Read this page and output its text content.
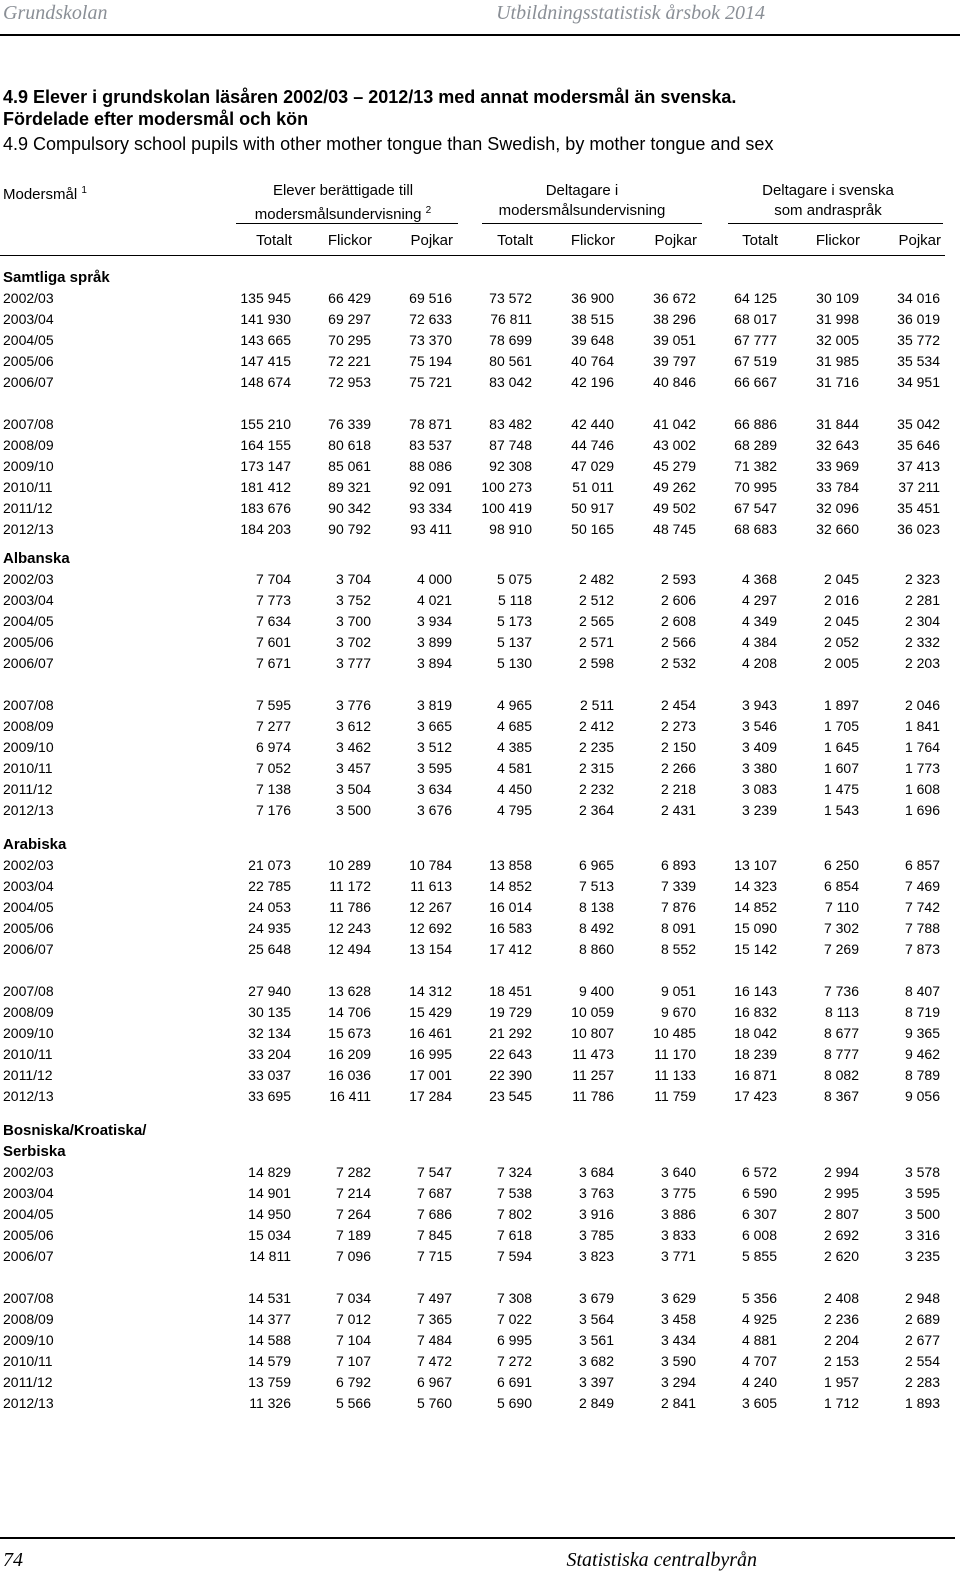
Grundskolan	Utbildningsstatistisk årsbok 2014
4.9 Elever i grundskolan läsåren 2002/03 – 2012/13 med annat modersmål än svenska.
Fördelade efter modersmål och kön
4.9 Compulsory school pupils with other mother tongue than Swedish, by mother tongue and sex
Modersmål $^1$	Elever berättigade till
modersmålsundervisning $^2$
Deltagare i
modersmålsundervisning
Deltagare i svenska
som andraspråk
Totalt	Flickor	Pojkar	Totalt	Flickor	Pojkar	Totalt	Flickor	Pojkar
Samtliga språk
2002/03	135 945	66 429	69 516	73 572	36 900	36 672	64 125	30 109	34 016
2003/04	141 930	69 297	72 633	76 811	38 515	38 296	68 017	31 998	36 019
2004/05	143 665	70 295	73 370	78 699	39 648	39 051	67 777	32 005	35 772
2005/06	147 415	72 221	75 194	80 561	40 764	39 797	67 519	31 985	35 534
2006/07	148 674	72 953	75 721	83 042	42 196	40 846	66 667	31 716	34 951
2007/08	155 210	76 339	78 871	83 482	42 440	41 042	66 886	31 844	35 042
2008/09	164 155	80 618	83 537	87 748	44 746	43 002	68 289	32 643	35 646
2009/10	173 147	85 061	88 086	92 308	47 029	45 279	71 382	33 969	37 413
2010/11	181 412	89 321	92 091	100 273	51 011	49 262	70 995	33 784	37 211
2011/12	183 676	90 342	93 334	100 419	50 917	49 502	67 547	32 096	35 451
2012/13	184 203	90 792	93 411	98 910	50 165	48 745	68 683	32 660	36 023
Albanska
2002/03	7 704	3 704	4 000	5 075	2 482	2 593	4 368	2 045	2 323
2003/04	7 773	3 752	4 021	5 118	2 512	2 606	4 297	2 016	2 281
2004/05	7 634	3 700	3 934	5 173	2 565	2 608	4 349	2 045	2 304
2005/06	7 601	3 702	3 899	5 137	2 571	2 566	4 384	2 052	2 332
2006/07	7 671	3 777	3 894	5 130	2 598	2 532	4 208	2 005	2 203
2007/08	7 595	3 776	3 819	4 965	2 511	2 454	3 943	1 897	2 046
2008/09	7 277	3 612	3 665	4 685	2 412	2 273	3 546	1 705	1 841
2009/10	6 974	3 462	3 512	4 385	2 235	2 150	3 409	1 645	1 764
2010/11	7 052	3 457	3 595	4 581	2 315	2 266	3 380	1 607	1 773
2011/12	7 138	3 504	3 634	4 450	2 232	2 218	3 083	1 475	1 608
2012/13	7 176	3 500	3 676	4 795	2 364	2 431	3 239	1 543	1 696
Arabiska
2002/03	21 073	10 289	10 784	13 858	6 965	6 893	13 107	6 250	6 857
2003/04	22 785	11 172	11 613	14 852	7 513	7 339	14 323	6 854	7 469
2004/05	24 053	11 786	12 267	16 014	8 138	7 876	14 852	7 110	7 742
2005/06	24 935	12 243	12 692	16 583	8 492	8 091	15 090	7 302	7 788
2006/07	25 648	12 494	13 154	17 412	8 860	8 552	15 142	7 269	7 873
2007/08	27 940	13 628	14 312	18 451	9 400	9 051	16 143	7 736	8 407
2008/09	30 135	14 706	15 429	19 729	10 059	9 670	16 832	8 113	8 719
2009/10	32 134	15 673	16 461	21 292	10 807	10 485	18 042	8 677	9 365
2010/11	33 204	16 209	16 995	22 643	11 473	11 170	18 239	8 777	9 462
2011/12	33 037	16 036	17 001	22 390	11 257	11 133	16 871	8 082	8 789
2012/13	33 695	16 411	17 284	23 545	11 786	11 759	17 423	8 367	9 056
Bosniska/Kroatiska/
Serbiska
2002/03	14 829	7 282	7 547	7 324	3 684	3 640	6 572	2 994	3 578
2003/04	14 901	7 214	7 687	7 538	3 763	3 775	6 590	2 995	3 595
2004/05	14 950	7 264	7 686	7 802	3 916	3 886	6 307	2 807	3 500
2005/06	15 034	7 189	7 845	7 618	3 785	3 833	6 008	2 692	3 316
2006/07	14 811	7 096	7 715	7 594	3 823	3 771	5 855	2 620	3 235
2007/08	14 531	7 034	7 497	7 308	3 679	3 629	5 356	2 408	2 948
2008/09	14 377	7 012	7 365	7 022	3 564	3 458	4 925	2 236	2 689
2009/10	14 588	7 104	7 484	6 995	3 561	3 434	4 881	2 204	2 677
2010/11	14 579	7 107	7 472	7 272	3 682	3 590	4 707	2 153	2 554
2011/12	13 759	6 792	6 967	6 691	3 397	3 294	4 240	1 957	2 283
2012/13	11 326	5 566	5 760	5 690	2 849	2 841	3 605	1 712	1 893
74	Statistiska centralbyrån
